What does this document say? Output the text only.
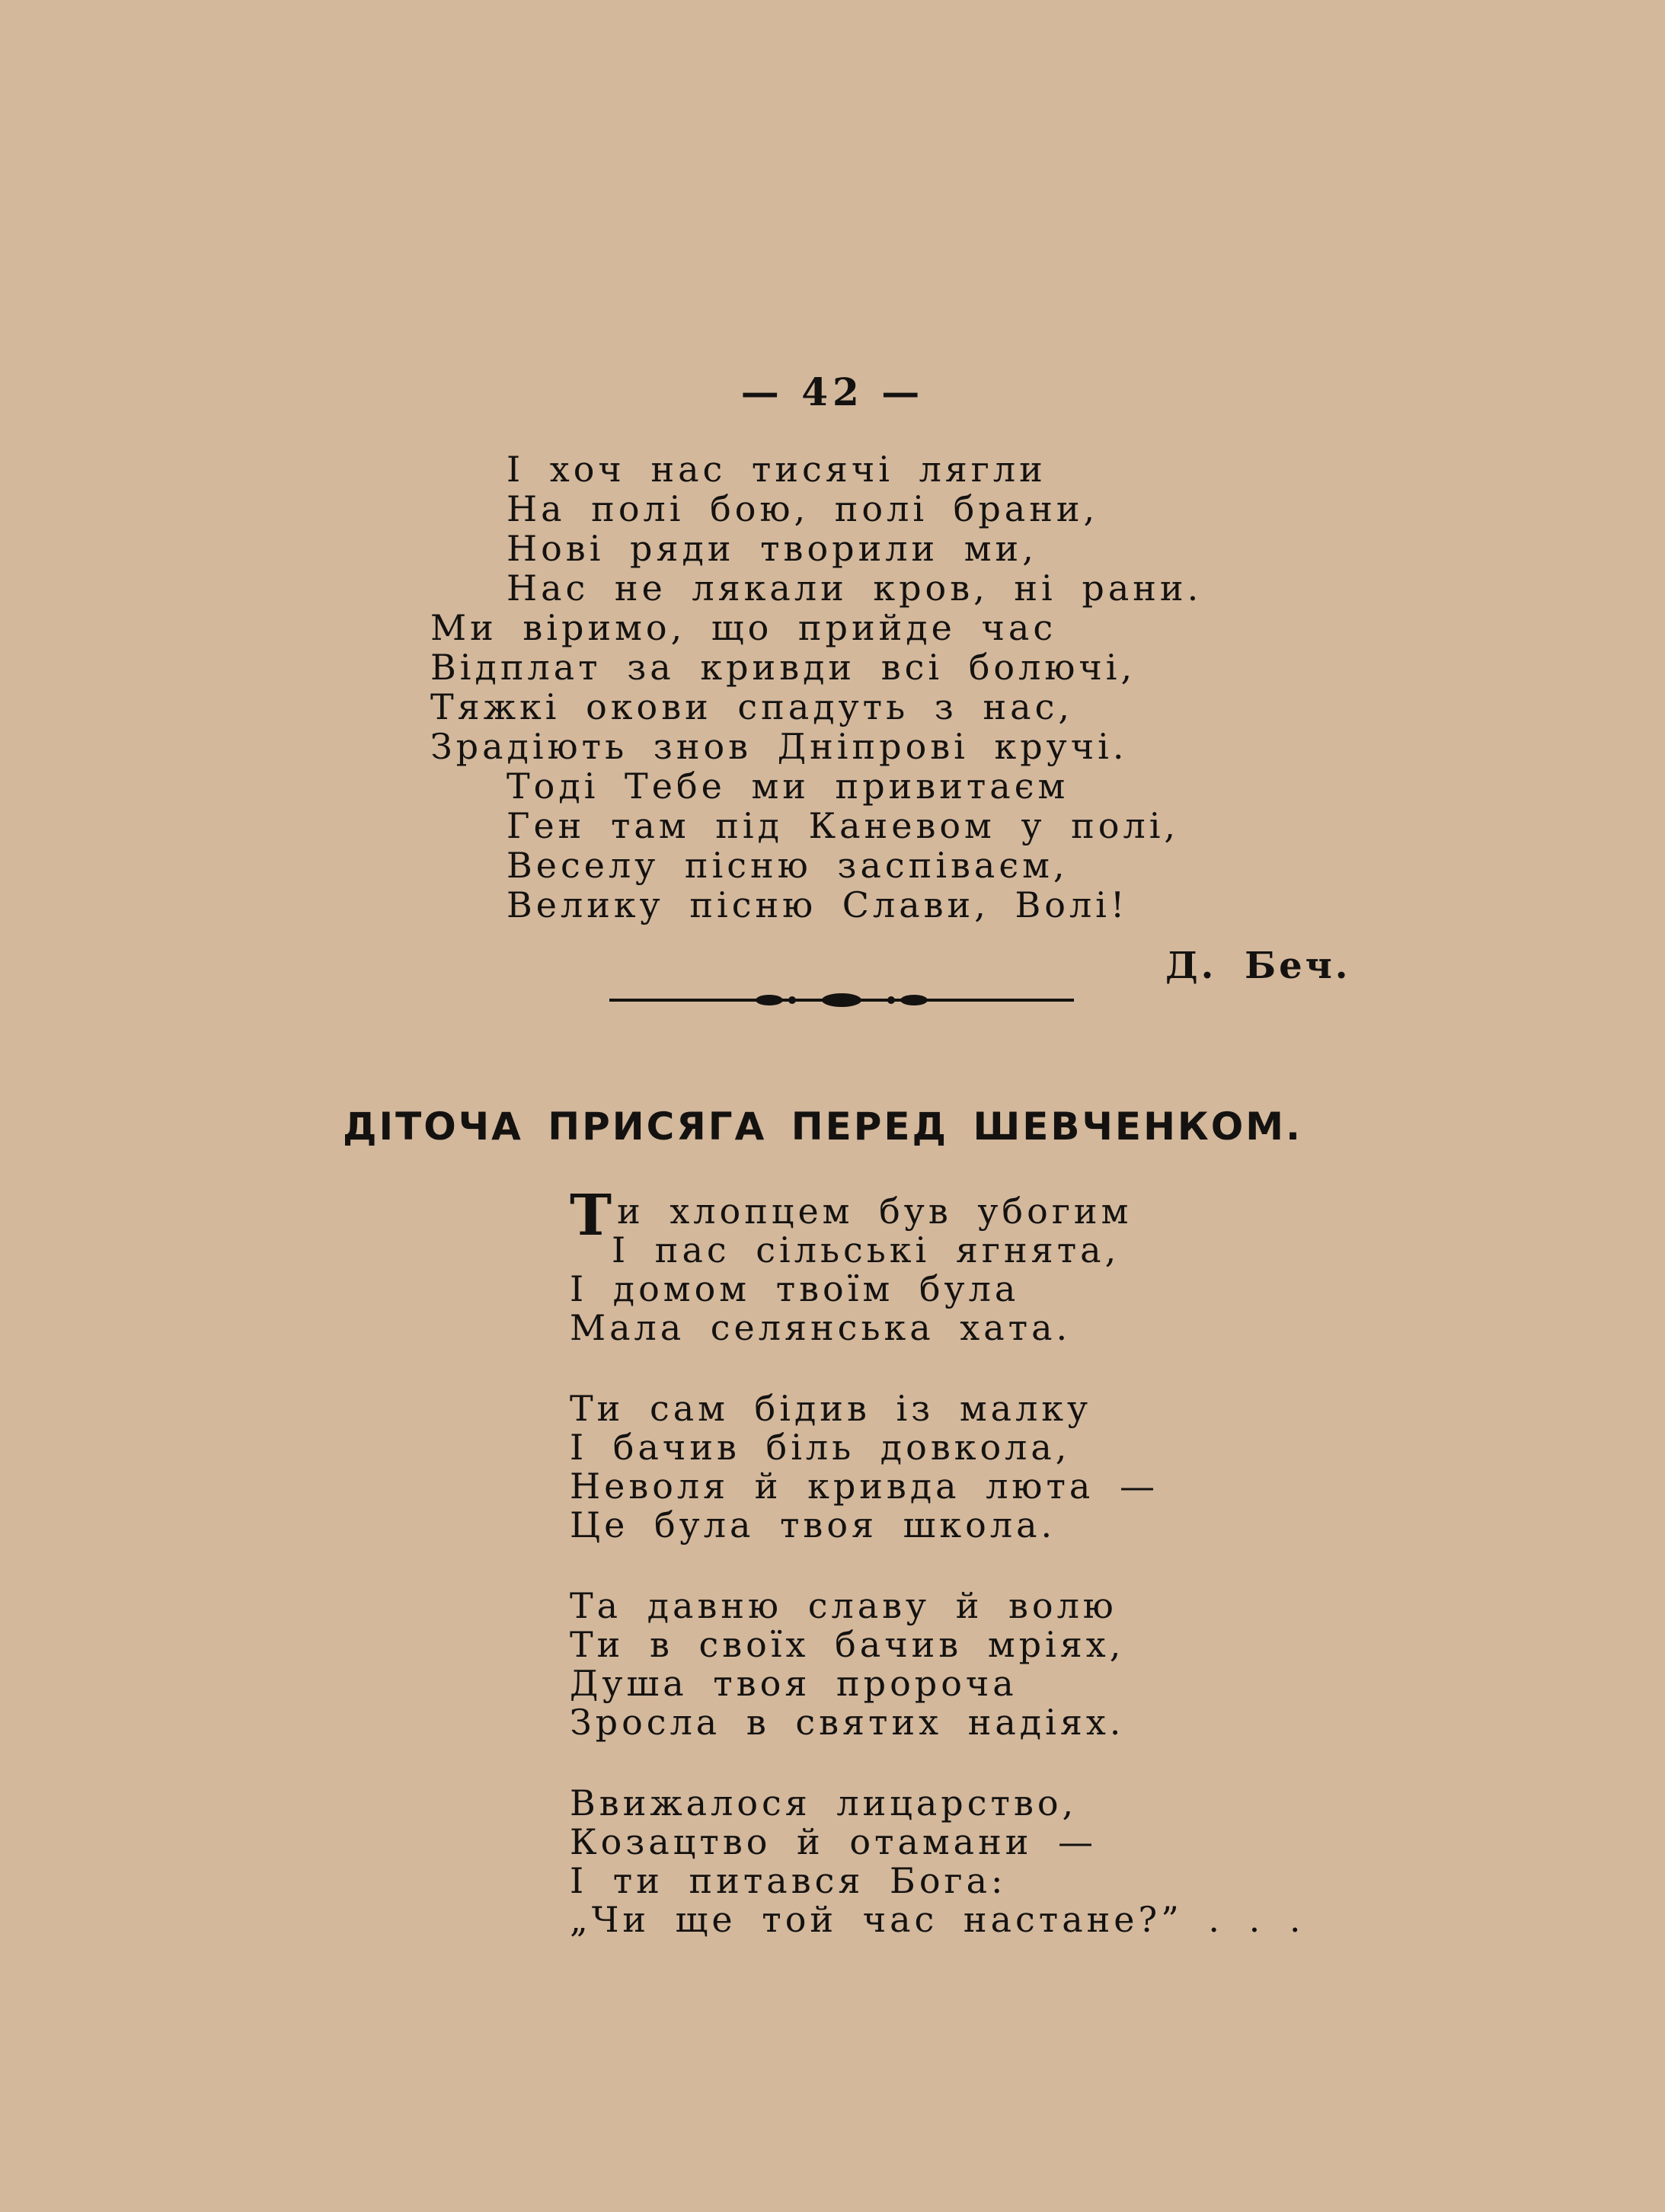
— 42 —
І хоч нас тисячі лягли
На полі бою, полі брани,
Нові ряди творили ми,
Нас не лякали кров, ні рани.
Ми віримо, що прийде час
Відплат за кривди всі болючі,
Тяжкі окови спадуть з нас,
Зрадіють знов Дніпрові кручі.
Тоді Тебе ми привитаєм
Ген там під Каневом у полі,
Веселу пісню заспіваєм,
Велику пісню Слави, Волі!
Д. Беч.
ДІТОЧА ПРИСЯГА ПЕРЕД ШЕВЧЕНКОМ.
Ти хлопцем був убогим
І пас сільські ягнята,
І домом твоїм була
Мала селянська хата.
Ти сам бідив із малку
І бачив біль довкола,
Неволя й кривда люта —
Це була твоя школа.
Та давню славу й волю
Ти в своїх бачив мріях,
Душа твоя пророча
Зросла в святих надіях.
Ввижалося лицарство,
Козацтво й отамани —
І ти питався Бога:
„Чи ще той час настане?” . . .
